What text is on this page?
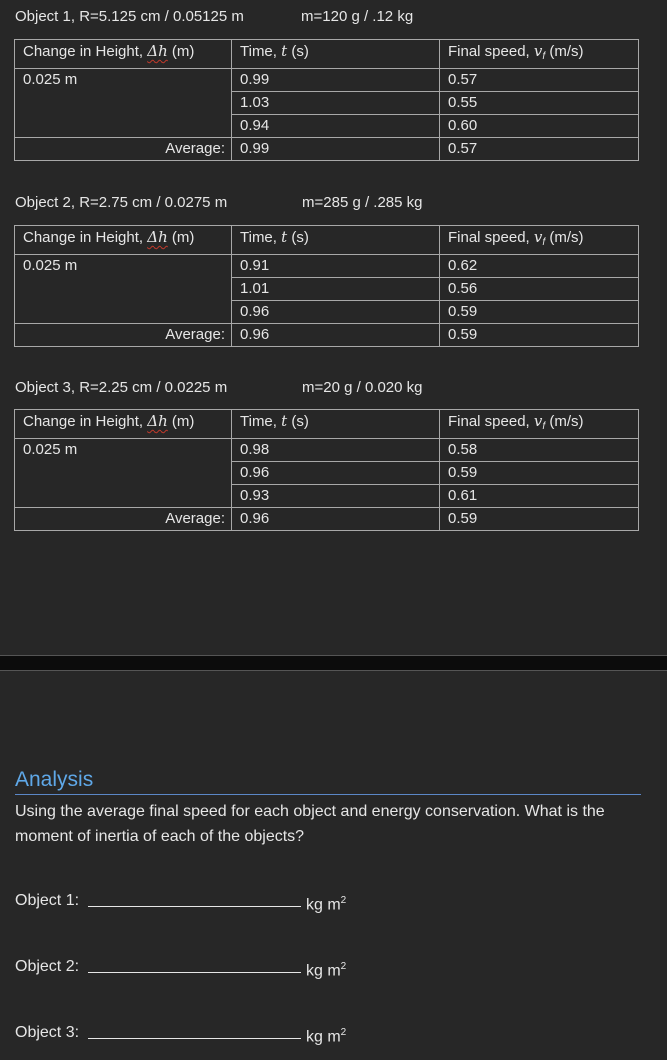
Object 1, R=5.125 cm / 0.05125 m	m=120 g / .12 kg
Change in Height, Δh (m)	Time, t (s)	Final speed, $v_f$ (m/s)
0.025 m	0.99	0.57
	1.03	0.55
	0.94	0.60
Average:	0.99	0.57
Object 2, R=2.75 cm / 0.0275 m	m=285 g / .285 kg
Change in Height, Δh (m)	Time, t (s)	Final speed, $v_f$ (m/s)
0.025 m	0.91	0.62
	1.01	0.56
	0.96	0.59
Average:	0.96	0.59
Object 3, R=2.25 cm / 0.0225 m	m=20 g / 0.020 kg
Change in Height, Δh (m)	Time, t (s)	Final speed, $v_f$ (m/s)
0.025 m	0.98	0.58
	0.96	0.59
	0.93	0.61
Average:	0.96	0.59
Analysis
Using the average final speed for each object and energy conservation. What is the moment of inertia of each of the objects?
Object 1:	kg $m^2$
Object 2:	kg $m^2$
Object 3:	kg $m^2$
